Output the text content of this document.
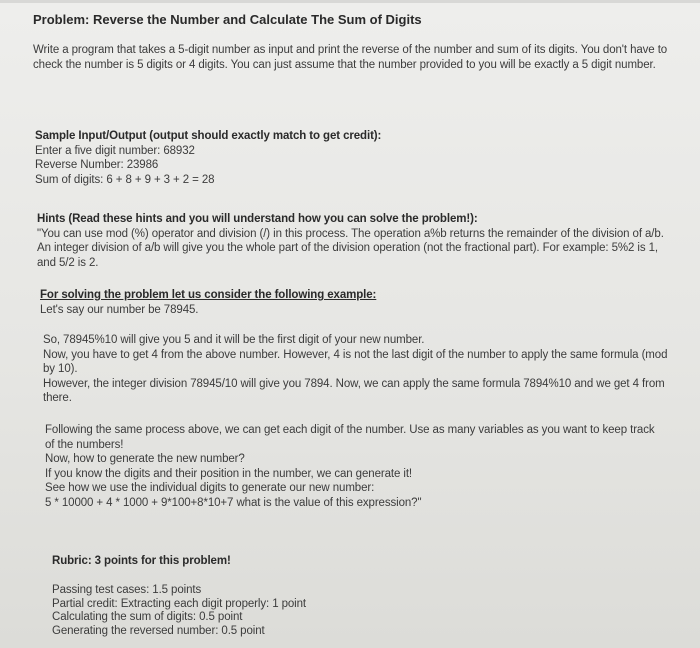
Problem: Reverse the Number and Calculate The Sum of Digits
Write a program that takes a 5-digit number as input and print the reverse of the number and sum of its digits. You don't have to check the number is 5 digits or 4 digits. You can just assume that the number provided to you will be exactly a 5 digit number.
Sample Input/Output (output should exactly match to get credit):
Enter a five digit number: 68932
Reverse Number: 23986
Sum of digits: 6 + 8 + 9 + 3 + 2 = 28
Hints (Read these hints and you will understand how you can solve the problem!):
"You can use mod (%) operator and division (/) in this process. The operation a%b returns the remainder of the division of a/b. An integer division of a/b will give you the whole part of the division operation (not the fractional part). For example: 5%2 is 1, and 5/2 is 2.
For solving the problem let us consider the following example:
Let's say our number be 78945.
So, 78945%10 will give you 5 and it will be the first digit of your new number.
Now, you have to get 4 from the above number. However, 4 is not the last digit of the number to apply the same formula (mod by 10).
However, the integer division 78945/10 will give you 7894. Now, we can apply the same formula 7894%10 and we get 4 from there.
Following the same process above, we can get each digit of the number. Use as many variables as you want to keep track of the numbers!
Now, how to generate the new number?
If you know the digits and their position in the number, we can generate it!
See how we use the individual digits to generate our new number:
5 * 10000 + 4 * 1000 + 9*100+8*10+7 what is the value of this expression?"
Rubric: 3 points for this problem!
Passing test cases: 1.5 points
Partial credit: Extracting each digit properly: 1 point
Calculating the sum of digits: 0.5 point
Generating the reversed number: 0.5 point
